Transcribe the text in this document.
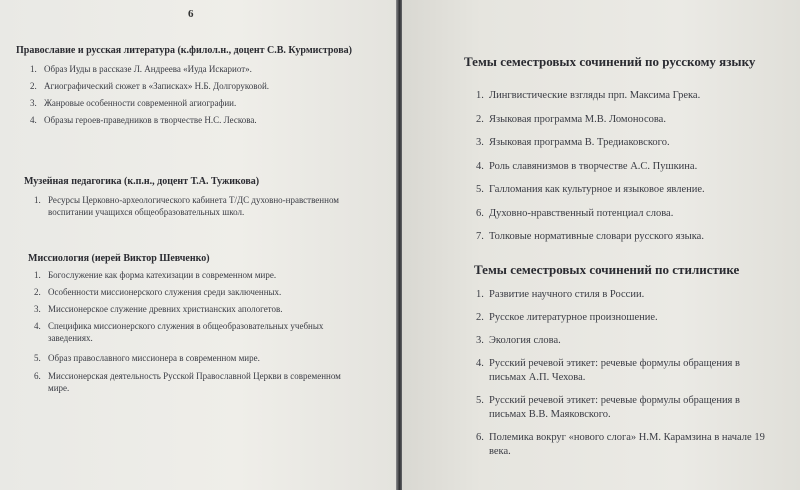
6

Православие и русская литература (к.филол.н., доцент С.В. Курмистрова)

1. Образ Иуды в рассказе Л. Андреева «Иуда Искариот».
2. Агиографический сюжет в «Записках» Н.Б. Долгоруковой.
3. Жанровые особенности современной агиографии.
4. Образы героев-праведников в творчестве Н.С. Лескова.

Музейная педагогика (к.п.н., доцент Т.А. Тужикова)

1. Ресурсы Церковно-археологического кабинета Т/ДС духовно-нравственном воспитании учащихся общеобразовательных школ.

Миссиология (иерей Виктор Шевченко)

1. Богослужение как форма катехизации в современном мире.
2. Особенности миссионерского служения среди заключенных.
3. Миссионерское служение древних христианских апологетов.
4. Специфика миссионерского служения в общеобразовательных учебных заведениях.
5. Образ православного миссионера в современном мире.
6. Миссионерская деятельность Русской Православной Церкви в современном мире.

Темы семестровых сочинений по русскому языку

1. Лингвистические взгляды прп. Максима Грека.
2. Языковая программа М.В. Ломоносова.
3. Языковая программа В. Тредиаковского.
4. Роль славянизмов в творчестве А.С. Пушкина.
5. Галломания как культурное и языковое явление.
6. Духовно-нравственный потенциал слова.
7. Толковые нормативные словари русского языка.

Темы семестровых сочинений по стилистике

1. Развитие научного стиля в России.
2. Русское литературное произношение.
3. Экология слова.
4. Русский речевой этикет: речевые формулы обращения в письмах А.П. Чехова.
5. Русский речевой этикет: речевые формулы обращения в письмах В.В. Маяковского.
6. Полемика вокруг «нового слога» Н.М. Карамзина в начале 19 века.
